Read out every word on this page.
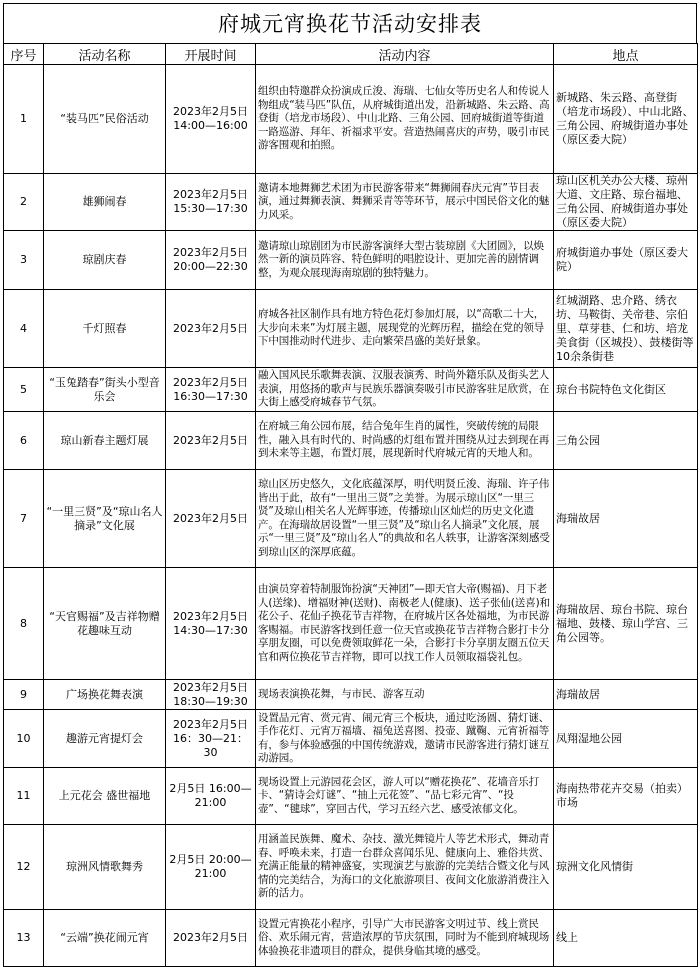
府城元宵换花节活动安排表
序号	活动名称	开展时间	活动内容	地点
1	“装马匹”民俗活动	2023年2月5日 14:00—16:00	组织由特邀群众扮演成丘浚、海瑞、七仙女等历史名人和传说人物组成“装马匹”队伍，从府城街道出发，沿新城路、朱云路、高登街（培龙市场段）、中山北路、三角公园、回府城街道等街道一路巡游、拜年、祈福求平安。营造热闹喜庆的声势，吸引市民游客围观和拍照。	新城路、朱云路、高登街（培龙市场段）、中山北路、三角公园、府城街道办事处（原区委大院）
2	雄狮闹春	2023年2月5日 15:30—17:30	邀请本地舞狮艺术团为市民游客带来“舞狮闹春庆元宵”节目表演，通过舞狮表演、舞狮采青等等环节，展示中国民俗文化的魅力风采。	琼山区机关办公大楼、琼州大道、文庄路、琼台福地、三角公园、府城街道办事处（原区委大院）
3	琼剧庆春	2023年2月5日 20:00—22:30	邀请琼山琼剧团为市民游客演绎大型古装琼剧《大团圆》，以焕然一新的演员阵容、特色鲜明的唱腔设计、更加完善的剧情调整，为观众展现海南琼剧的独特魅力。	府城街道办事处（原区委大院）
4	千灯照春	2023年2月5日	府城各社区制作具有地方特色花灯参加灯展，以“高歌二十大，大步向未来”为灯展主题，展现党的光辉历程，描绘在党的领导下中国推动时代进步、走向繁荣昌盛的美好景象。	红城湖路、忠介路、绣衣坊、马鞍街、关帝巷、宗伯里、草芽巷、仁和坊、培龙美食街（区城投）、鼓楼街等10余条街巷
5	“玉兔踏春”街头小型音乐会	2023年2月5日 16:30—17:30	融入国风民乐歌舞表演、汉服表演秀、时尚外籍乐队及街头艺人表演，用悠扬的歌声与民族乐器演奏吸引市民游客驻足欣赏，在大街上感受府城春节气氛。	琼台书院特色文化街区
6	琼山新春主题灯展	2023年2月5日	在府城三角公园布展，结合兔年生肖的属性，突破传统的局限性，融入具有时代的、时尚感的灯组布置并围绕从过去到现在再到未来等主题，布置灯展，展现新时代府城元宵的天地人和。	三角公园
7	“一里三贤”及“琼山名人摘录”文化展	2023年2月5日	琼山区历史悠久，文化底蕴深厚，明代明贤丘浚、海瑞、许子伟皆出于此，故有“一里出三贤”之美誉。为展示琼山区“一里三贤”及琼山相关名人光辉事迹，传播琼山区灿烂的历史文化遗产。在海瑞故居设置“一里三贤”及“琼山名人摘录”文化展，展示“一里三贤”及“琼山名人”的典故和名人轶事，让游客深刻感受到琼山区的深厚底蕴。	海瑞故居
8	“天官赐福”及吉祥物赠花趣味互动	2023年2月5日 14:30—17:30	由演员穿着特制服饰扮演“天神团”—即天官大帝(赐福)、月下老人(送缘)、增福财神(送财)、南极老人(健康)、送子张仙(送喜)和花公子、花仙子换花节吉祥物，在府城片区各处福地，为市民游客赐福。市民游客找到任意一位天官或换花节吉祥物合影打卡分享朋友圈，可以免费领取鲜花一朵，合影打卡分享朋友圈五位天官和两位换花节吉祥物，即可以找工作人员领取福袋礼包。	海瑞故居、琼台书院、琼台福地、鼓楼、琼山学宫、三角公园等。
9	广场换花舞表演	2023年2月5日 18:30—19:30	现场表演换花舞，与市民、游客互动	海瑞故居
10	趣游元宵提灯会	2023年2月5日 16：30—21：30	设置品元宵、赏元宵、闹元宵三个板块，通过吃汤圆、猜灯谜、手作花灯、元宵万福墙、福兔送喜图、投壶、蹴鞠、元宵祈福等有，参与体验感强的中国传统游戏，邀请市民游客进行猜灯谜互动游园。	凤翔湿地公园
11	上元花会 盛世福地	2月5日 16:00—21:00	现场设置上元游园花会区，游人可以“赠花换花”、花墙音乐打卡、“猜诗会灯谜”、“抽上元花签”、“品七彩元宵”、“投壶”、“毽球”，穿回古代，学习五经六艺、感受浓郁文化。	海南热带花卉交易（拍卖）市场
12	琼洲风情歌舞秀	2月5日 20:00—21:00	用涵盖民族舞、魔术、杂技、激光舞镜片人等艺术形式，舞动青春、呼唤未来，打造一台群众喜闻乐见、健康向上、雅俗共赏、充满正能量的精神盛宴，实现演艺与旅游的完美结合暨文化与风情的完美结合，为海口的文化旅游项目、夜间文化旅游消费注入新的活力。	琼洲文化风情街
13	“云端”换花闹元宵	2023年2月5日	设置元宵换花小程序，引导广大市民游客文明过节、线上赏民俗、欢乐闹元宵，营造浓厚的节庆氛围，同时为不能到府城现场体验换花非遗项目的群众，提供身临其境的感受。	线上
